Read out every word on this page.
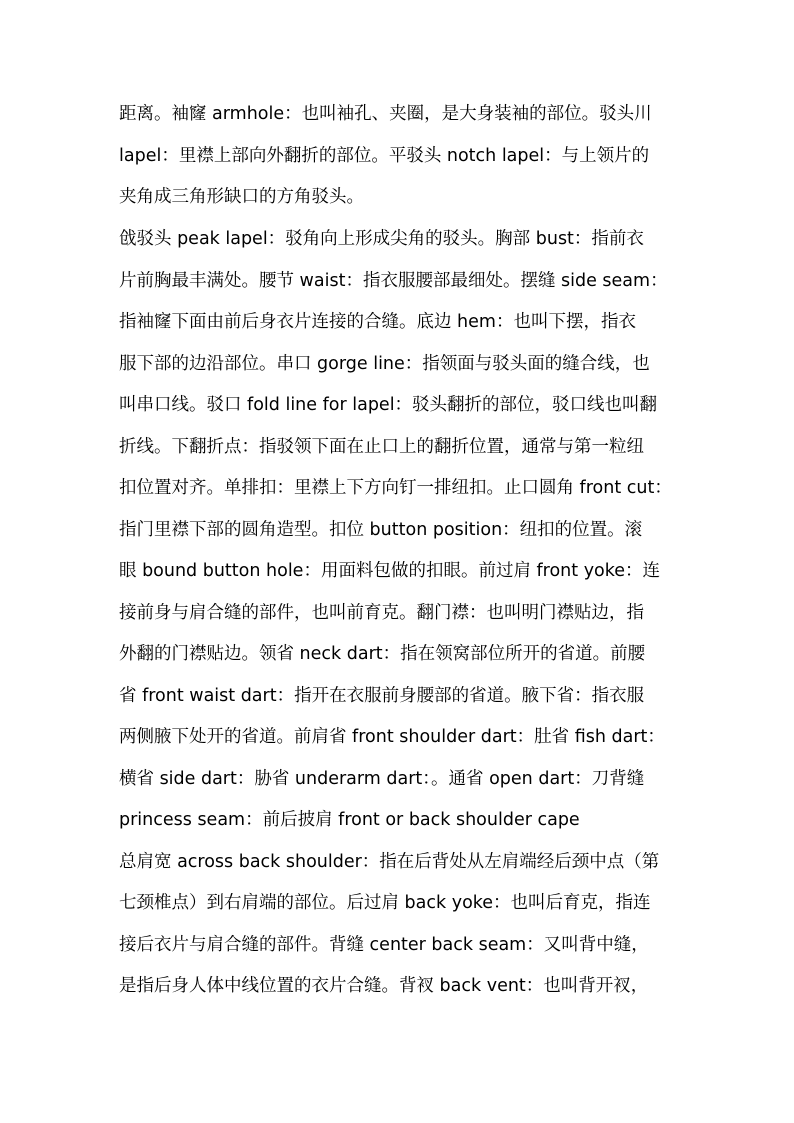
距离。袖窿 armhole：也叫袖孔、夹圈，是大身装袖的部位。驳头川
lapel：里襟上部向外翻折的部位。平驳头 notch lapel：与上领片的
夹角成三角形缺口的方角驳头。
戗驳头 peak lapel：驳角向上形成尖角的驳头。胸部 bust：指前衣
片前胸最丰满处。腰节 waist：指衣服腰部最细处。摆缝 side seam：
指袖窿下面由前后身衣片连接的合缝。底边 hem：也叫下摆，指衣
服下部的边沿部位。串口 gorge line：指领面与驳头面的缝合线，也
叫串口线。驳口 fold line for lapel：驳头翻折的部位，驳口线也叫翻
折线。下翻折点：指驳领下面在止口上的翻折位置，通常与第一粒纽
扣位置对齐。单排扣：里襟上下方向钉一排纽扣。止口圆角 front cut：
指门里襟下部的圆角造型。扣位 button position：纽扣的位置。滚
眼 bound button hole：用面料包做的扣眼。前过肩 front yoke：连
接前身与肩合缝的部件，也叫前育克。翻门襟：也叫明门襟贴边，指
外翻的门襟贴边。领省 neck dart：指在领窝部位所开的省道。前腰
省 front waist dart：指开在衣服前身腰部的省道。腋下省：指衣服
两侧腋下处开的省道。前肩省 front shoulder dart：肚省 fish dart：
横省 side dart：胁省 underarm dart：。通省 open dart：刀背缝
princess seam：前后披肩 front or back shoulder cape
总肩宽 across back shoulder：指在后背处从左肩端经后颈中点（第
七颈椎点）到右肩端的部位。后过肩 back yoke：也叫后育克，指连
接后衣片与肩合缝的部件。背缝 center back seam：又叫背中缝，
是指后身人体中线位置的衣片合缝。背衩 back vent：也叫背开衩，
